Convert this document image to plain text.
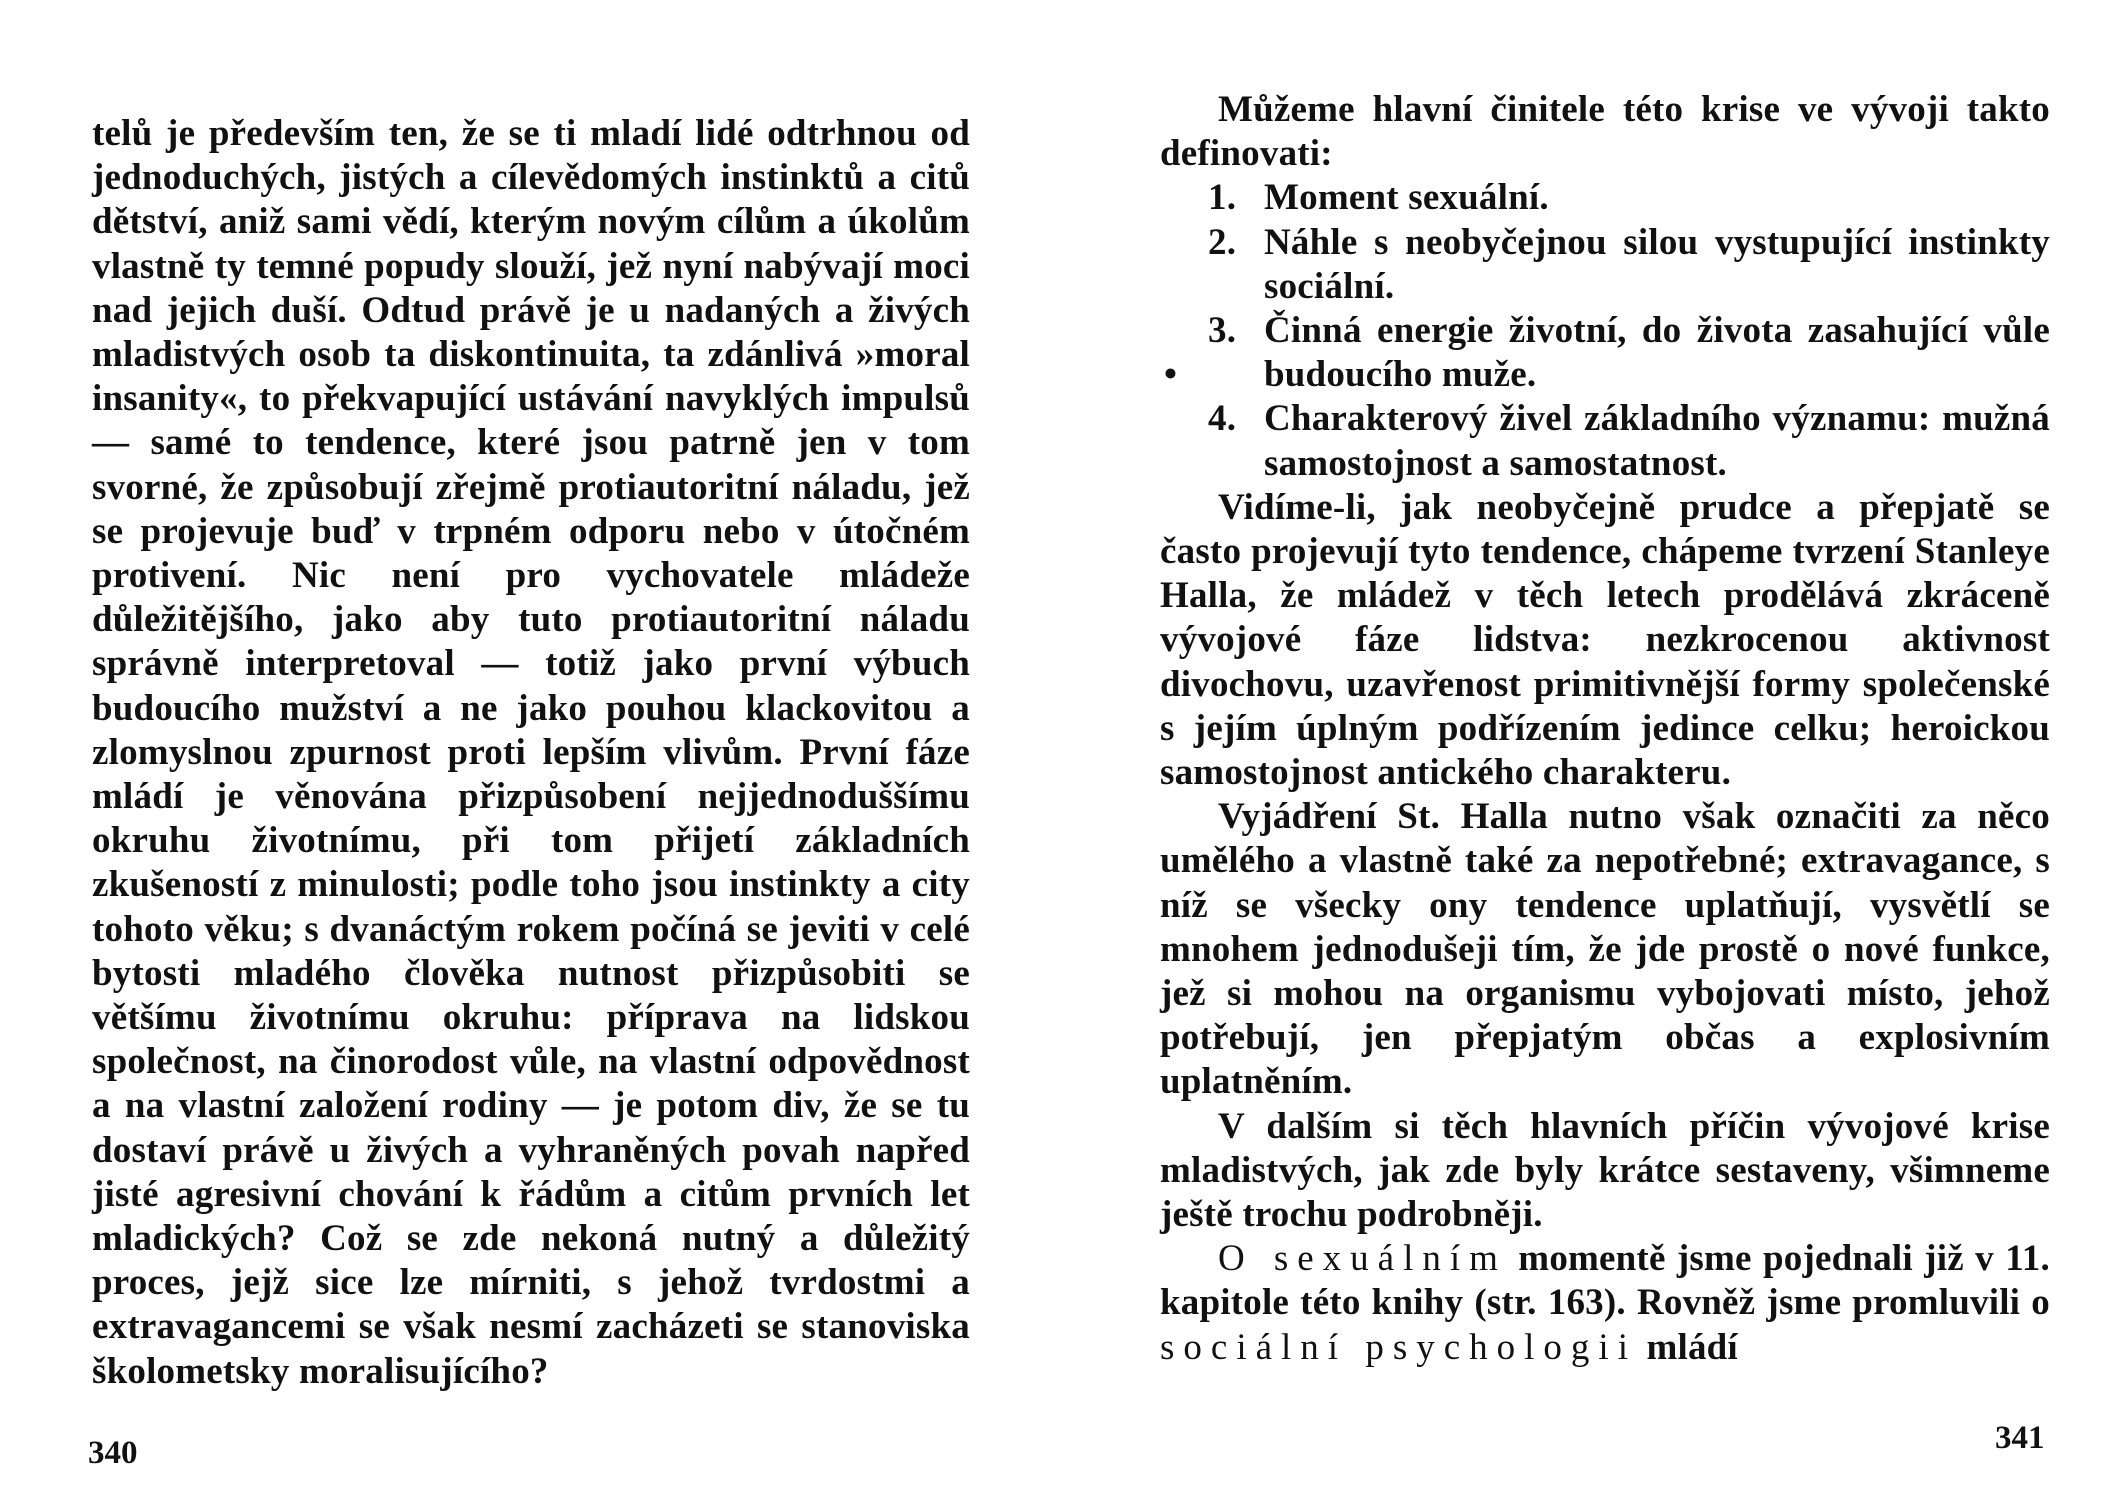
telů je především ten, že se ti mladí lidé odtrhnou od jednoduchých, jistých a cílevědomých instinktů a citů dětství, aniž sami vědí, kterým novým cílům a úkolům vlastně ty temné popudy slouží, jež nyní nabývají moci nad jejich duší. Odtud právě je u nadaných a živých mladistvých osob ta diskontinuita, ta zdánlivá »moral insanity«, to překvapující ustávání navyklých impulsů — samé to tendence, které jsou patrně jen v tom svorné, že způsobují zřejmě protiautoritní náladu, jež se projevuje buď v trpném odporu nebo v útočném protivení. Nic není pro vychovatele mládeže důležitějšího, jako aby tuto protiautoritní náladu správně interpretoval — totiž jako první výbuch budoucího mužství a ne jako pouhou klackovitou a zlomyslnou zpurnost proti lepším vlivům. První fáze mládí je věnována přizpůsobení nejjednoduššímu okruhu životnímu, při tom přijetí základních zkušeností z minulosti; podle toho jsou instinkty a city tohoto věku; s dvanáctým rokem počíná se jeviti v celé bytosti mladého člověka nutnost přizpůsobiti se většímu životnímu okruhu: příprava na lidskou společnost, na činorodost vůle, na vlastní odpovědnost a na vlastní založení rodiny — je potom div, že se tu dostaví právě u živých a vyhraněných povah napřed jisté agresivní chování k řádům a citům prvních let mladických? Což se zde nekoná nutný a důležitý proces, jejž sice lze mírniti, s jehož tvrdostmi a extravagancemi se však nesmí zacházeti se stanoviska školometsky moralisujícího?

340

Můžeme hlavní činitele této krise ve vývoji takto definovati:

1. Moment sexuální.
2. Náhle s neobyčejnou silou vystupující instinkty sociální.
3.
•
Činná energie životní, do života zasahující vůle budoucího muže.
4. Charakterový živel základního významu: mužná samostojnost a samostatnost.

Vidíme-li, jak neobyčejně prudce a přepjatě se často projevují tyto tendence, chápeme tvrzení Stanleye Halla, že mládež v těch letech prodělává zkráceně vývojové fáze lidstva: nezkrocenou aktivnost divochovu, uzavřenost primitivnější formy společenské s jejím úplným podřízením jedince celku; heroickou samostojnost antického charakteru.

Vyjádření St. Halla nutno však označiti za něco umělého a vlastně také za nepotřebné; extravagance, s níž se všecky ony tendence uplatňují, vysvětlí se mnohem jednodušeji tím, že jde prostě o nové funkce, jež si mohou na organismu vybojovati místo, jehož potřebují, jen přepjatým občas a explosivním uplatněním.

V dalším si těch hlavních příčin vývojové krise mladistvých, jak zde byly krátce sestaveny, všimneme ještě trochu podrobněji.

O sexuálním momentě jsme pojednali již v 11. kapitole této knihy (str. 163). Rovněž jsme promluvili o sociální psychologii mládí

341
